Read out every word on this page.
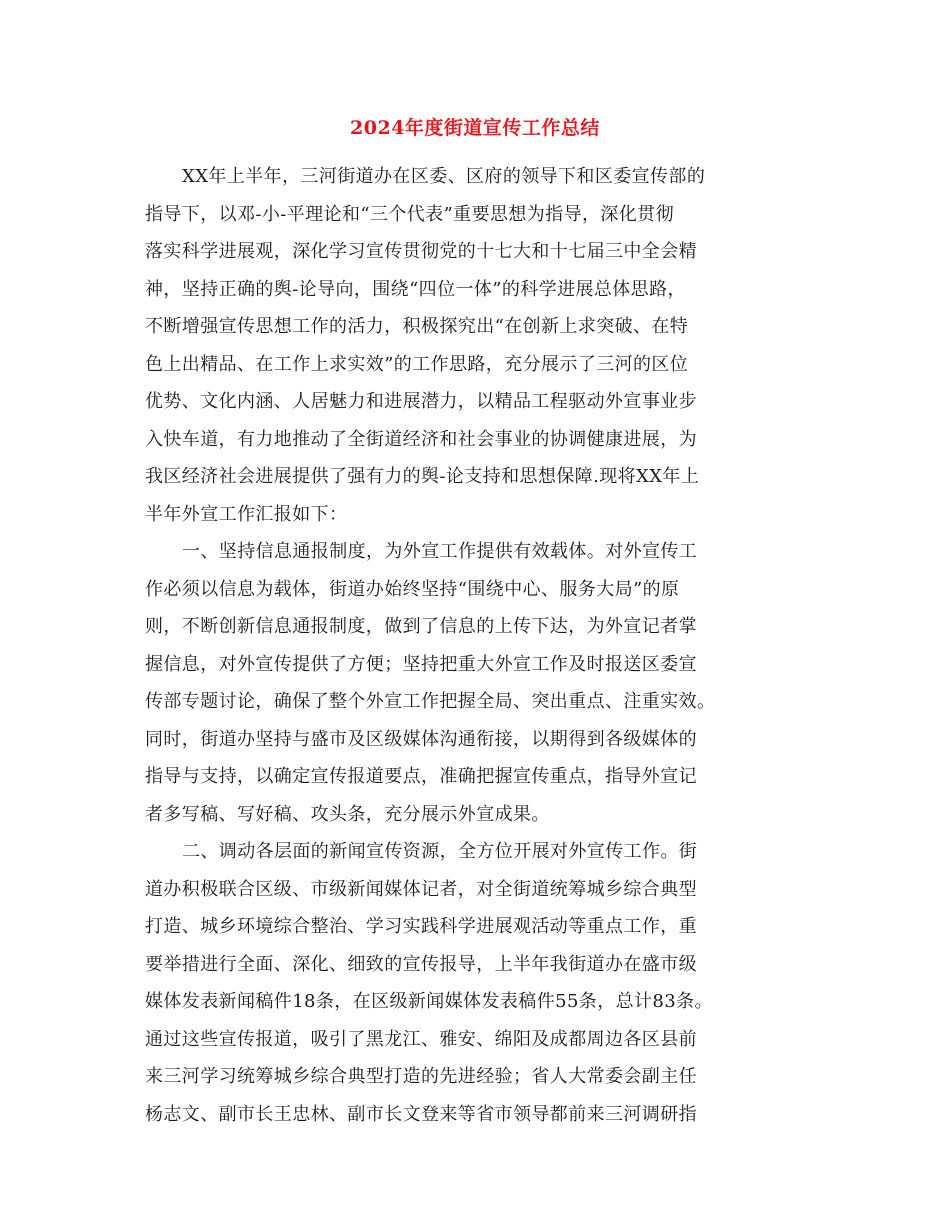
2024年度街道宣传工作总结
XX年上半年，三河街道办在区委、区府的领导下和区委宣传部的
指导下，以邓-小-平理论和“三个代表”重要思想为指导，深化贯彻
落实科学进展观，深化学习宣传贯彻党的十七大和十七届三中全会精
神，坚持正确的舆-论导向，围绕“四位一体”的科学进展总体思路，
不断增强宣传思想工作的活力，积极探究出“在创新上求突破、在特
色上出精品、在工作上求实效”的工作思路，充分展示了三河的区位
优势、文化内涵、人居魅力和进展潜力，以精品工程驱动外宣事业步
入快车道，有力地推动了全街道经济和社会事业的协调健康进展，为
我区经济社会进展提供了强有力的舆-论支持和思想保障.现将XX年上
半年外宣工作汇报如下：
一、坚持信息通报制度，为外宣工作提供有效载体。对外宣传工
作必须以信息为载体，街道办始终坚持“围绕中心、服务大局”的原
则，不断创新信息通报制度，做到了信息的上传下达，为外宣记者掌
握信息，对外宣传提供了方便；坚持把重大外宣工作及时报送区委宣
传部专题讨论，确保了整个外宣工作把握全局、突出重点、注重实效。
同时，街道办坚持与盛市及区级媒体沟通衔接，以期得到各级媒体的
指导与支持，以确定宣传报道要点，准确把握宣传重点，指导外宣记
者多写稿、写好稿、攻头条，充分展示外宣成果。
二、调动各层面的新闻宣传资源，全方位开展对外宣传工作。街
道办积极联合区级、市级新闻媒体记者，对全街道统筹城乡综合典型
打造、城乡环境综合整治、学习实践科学进展观活动等重点工作，重
要举措进行全面、深化、细致的宣传报导，上半年我街道办在盛市级
媒体发表新闻稿件18条，在区级新闻媒体发表稿件55条，总计83条。
通过这些宣传报道，吸引了黑龙江、雅安、绵阳及成都周边各区县前
来三河学习统筹城乡综合典型打造的先进经验；省人大常委会副主任
杨志文、副市长王忠林、副市长文登来等省市领导都前来三河调研指
